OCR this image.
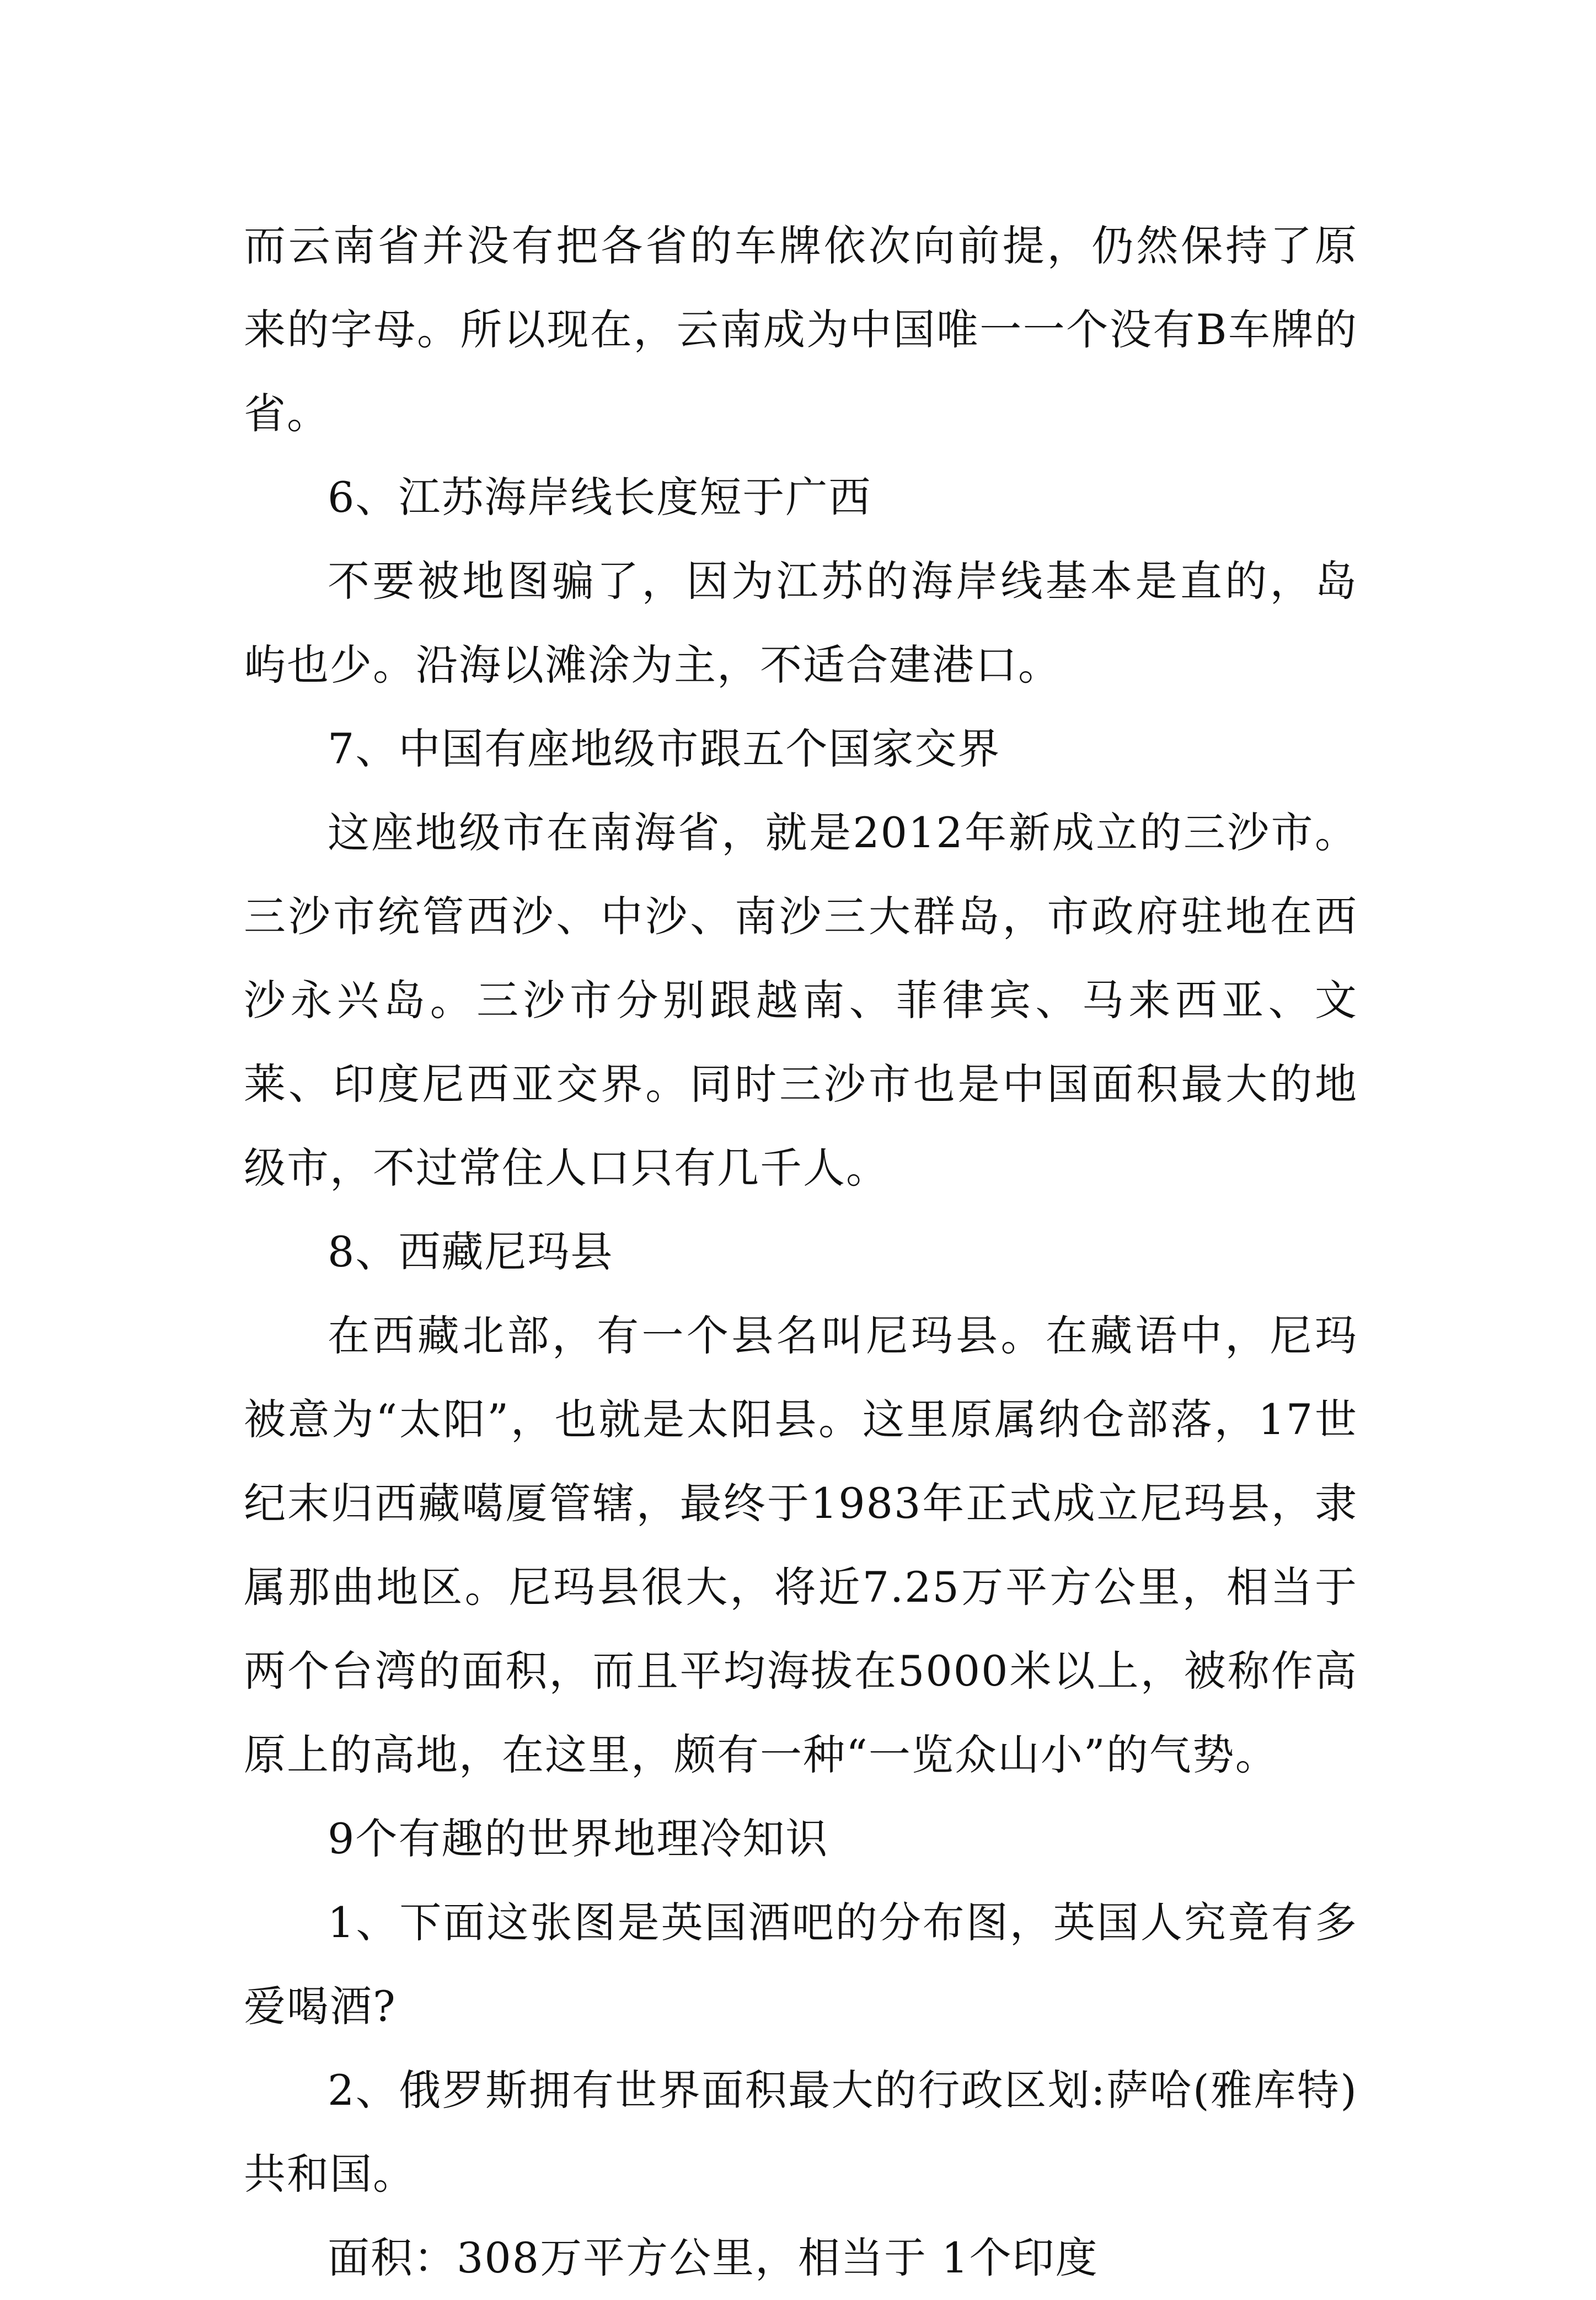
而云南省并没有把各省的车牌依次向前提，仍然保持了原来的字母。所以现在，云南成为中国唯一一个没有B车牌的省。

6、江苏海岸线长度短于广西

不要被地图骗了，因为江苏的海岸线基本是直的，岛屿也少。沿海以滩涂为主，不适合建港口。

7、中国有座地级市跟五个国家交界

这座地级市在南海省，就是2012年新成立的三沙市。三沙市统管西沙、中沙、南沙三大群岛，市政府驻地在西沙永兴岛。三沙市分别跟越南、菲律宾、马来西亚、文莱、印度尼西亚交界。同时三沙市也是中国面积最大的地级市，不过常住人口只有几千人。

8、西藏尼玛县

在西藏北部，有一个县名叫尼玛县。在藏语中，尼玛被意为“太阳”，也就是太阳县。这里原属纳仓部落，17世纪末归西藏噶厦管辖，最终于1983年正式成立尼玛县，隶属那曲地区。尼玛县很大，将近7.25万平方公里，相当于两个台湾的面积，而且平均海拔在5000米以上，被称作高原上的高地，在这里，颇有一种“一览众山小”的气势。

9个有趣的世界地理冷知识

1、下面这张图是英国酒吧的分布图，英国人究竟有多爱喝酒?

2、俄罗斯拥有世界面积最大的行政区划:萨哈(雅库特)共和国。

面积：308万平方公里，相当于 1个印度
